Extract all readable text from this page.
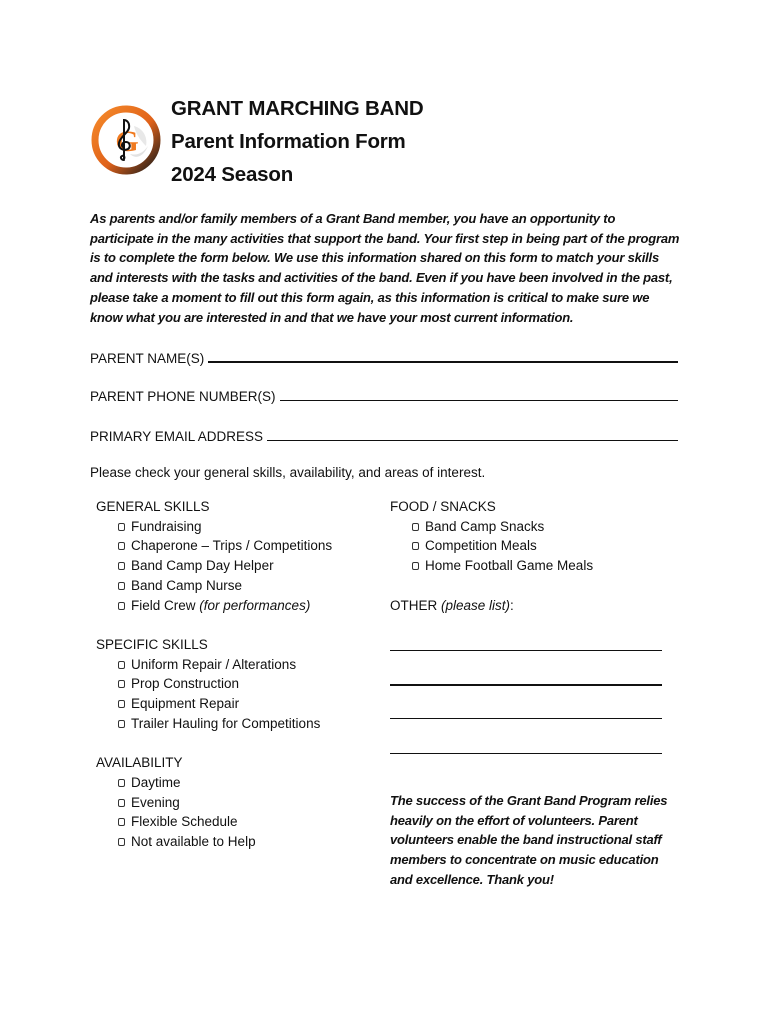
G
GRANT MARCHING BAND
Parent Information Form
2024 Season
As parents and/or family members of a Grant Band member, you have an opportunity to participate in the many activities that support the band. Your first step in being part of the program is to complete the form below. We use this information shared on this form to match your skills and interests with the tasks and activities of the band. Even if you have been involved in the past, please take a moment to fill out this form again, as this information is critical to make sure we know what you are interested in and that we have your most current information.
PARENT NAME(S)
PARENT PHONE NUMBER(S)
PRIMARY EMAIL ADDRESS
Please check your general skills, availability, and areas of interest.

GENERAL SKILLS

Fundraising
Chaperone – Trips / Competitions
Band Camp Day Helper
Band Camp Nurse
Field Crew (for performances)

SPECIFIC SKILLS

Uniform Repair / Alterations
Prop Construction
Equipment Repair
Trailer Hauling for Competitions

AVAILABILITY

Daytime
Evening
Flexible Schedule
Not available to Help

FOOD / SNACKS

Band Camp Snacks
Competition Meals
Home Football Game Meals

OTHER (please list):

The success of the Grant Band Program relies heavily on the effort of volunteers. Parent volunteers enable the band instructional staff members to concentrate on music education and excellence. Thank you!
